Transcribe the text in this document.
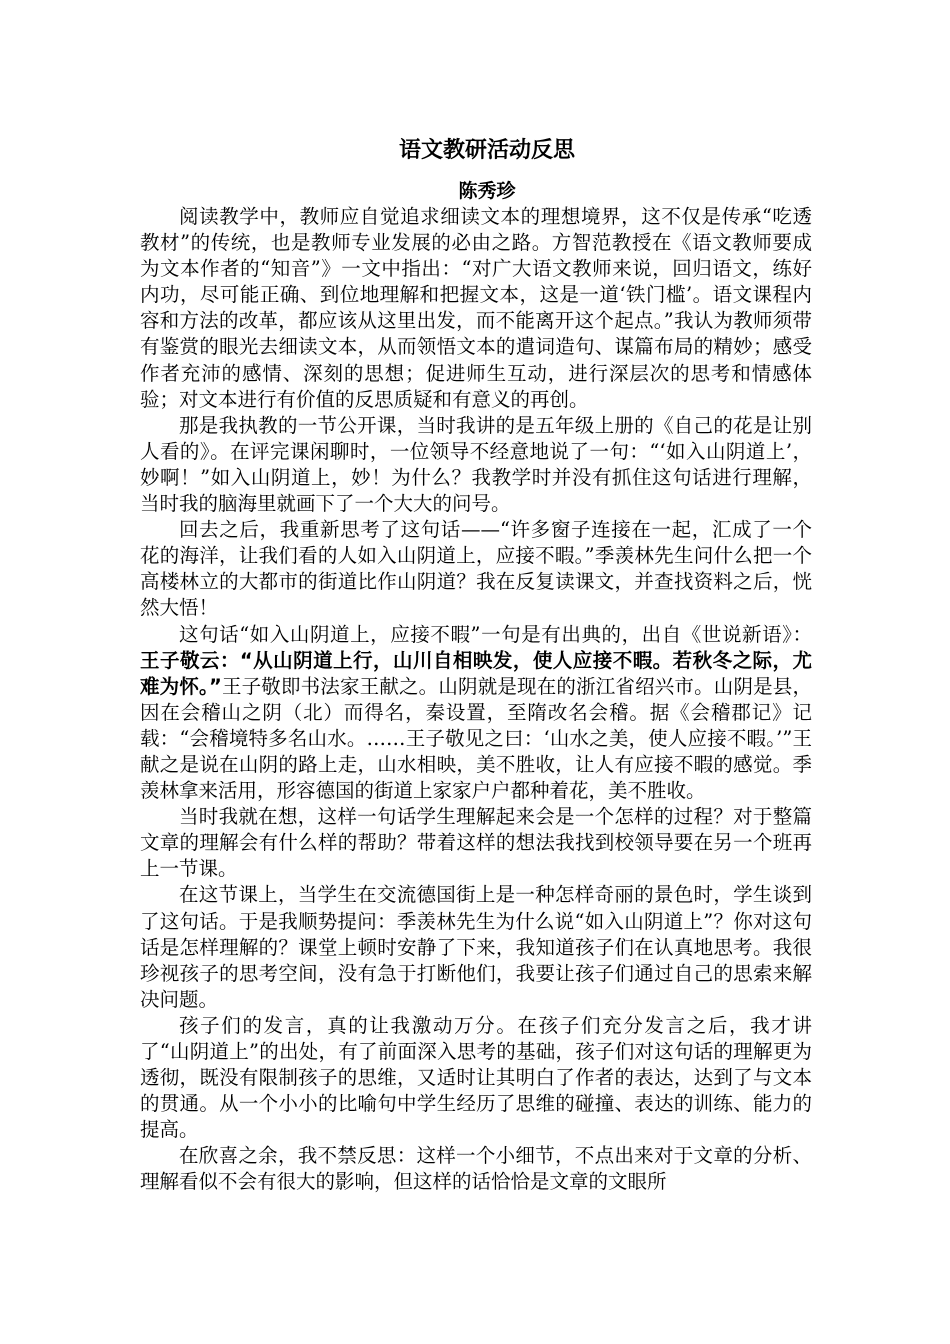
语文教研活动反思
陈秀珍

阅读教学中，教师应自觉追求细读文本的理想境界，这不仅是传承“吃透教材”的传统，也是教师专业发展的必由之路。方智范教授在《语文教师要成为文本作者的“知音”》一文中指出：“对广大语文教师来说，回归语文，练好内功，尽可能正确、到位地理解和把握文本，这是一道‘铁门槛’。语文课程内容和方法的改革，都应该从这里出发，而不能离开这个起点。”我认为教师须带有鉴赏的眼光去细读文本，从而领悟文本的遣词造句、谋篇布局的精妙；感受作者充沛的感情、深刻的思想；促进师生互动，进行深层次的思考和情感体验；对文本进行有价值的反思质疑和有意义的再创。

那是我执教的一节公开课，当时我讲的是五年级上册的《自己的花是让别人看的》。在评完课闲聊时，一位领导不经意地说了一句：“‘如入山阴道上’，妙啊！”如入山阴道上，妙！为什么？我教学时并没有抓住这句话进行理解，当时我的脑海里就画下了一个大大的问号。

回去之后，我重新思考了这句话——“许多窗子连接在一起，汇成了一个花的海洋，让我们看的人如入山阴道上，应接不暇。”季羡林先生问什么把一个高楼林立的大都市的街道比作山阴道？我在反复读课文，并查找资料之后，恍然大悟！

这句话“如入山阴道上，应接不暇”一句是有出典的，出自《世说新语》： 王子敬云：“从山阴道上行，山川自相映发，使人应接不暇。若秋冬之际，尤难为怀。”王子敬即书法家王献之。山阴就是现在的浙江省绍兴市。山阴是县，因在会稽山之阴（北）而得名，秦设置，至隋改名会稽。据《会稽郡记》记载：“会稽境特多名山水。……王子敬见之曰：‘山水之美，使人应接不暇。’”王献之是说在山阴的路上走，山水相映，美不胜收，让人有应接不暇的感觉。季羡林拿来活用，形容德国的街道上家家户户都种着花，美不胜收。

当时我就在想，这样一句话学生理解起来会是一个怎样的过程？对于整篇文章的理解会有什么样的帮助？带着这样的想法我找到校领导要在另一个班再上一节课。

在这节课上，当学生在交流德国街上是一种怎样奇丽的景色时，学生谈到了这句话。于是我顺势提问：季羡林先生为什么说“如入山阴道上”？你对这句话是怎样理解的？课堂上顿时安静了下来，我知道孩子们在认真地思考。我很珍视孩子的思考空间，没有急于打断他们，我要让孩子们通过自己的思索来解决问题。

孩子们的发言，真的让我激动万分。在孩子们充分发言之后，我才讲了“山阴道上”的出处，有了前面深入思考的基础，孩子们对这句话的理解更为透彻，既没有限制孩子的思维，又适时让其明白了作者的表达，达到了与文本的贯通。从一个小小的比喻句中学生经历了思维的碰撞、表达的训练、能力的提高。

在欣喜之余，我不禁反思：这样一个小细节，不点出来对于文章的分析、理解看似不会有很大的影响，但这样的话恰恰是文章的文眼所
